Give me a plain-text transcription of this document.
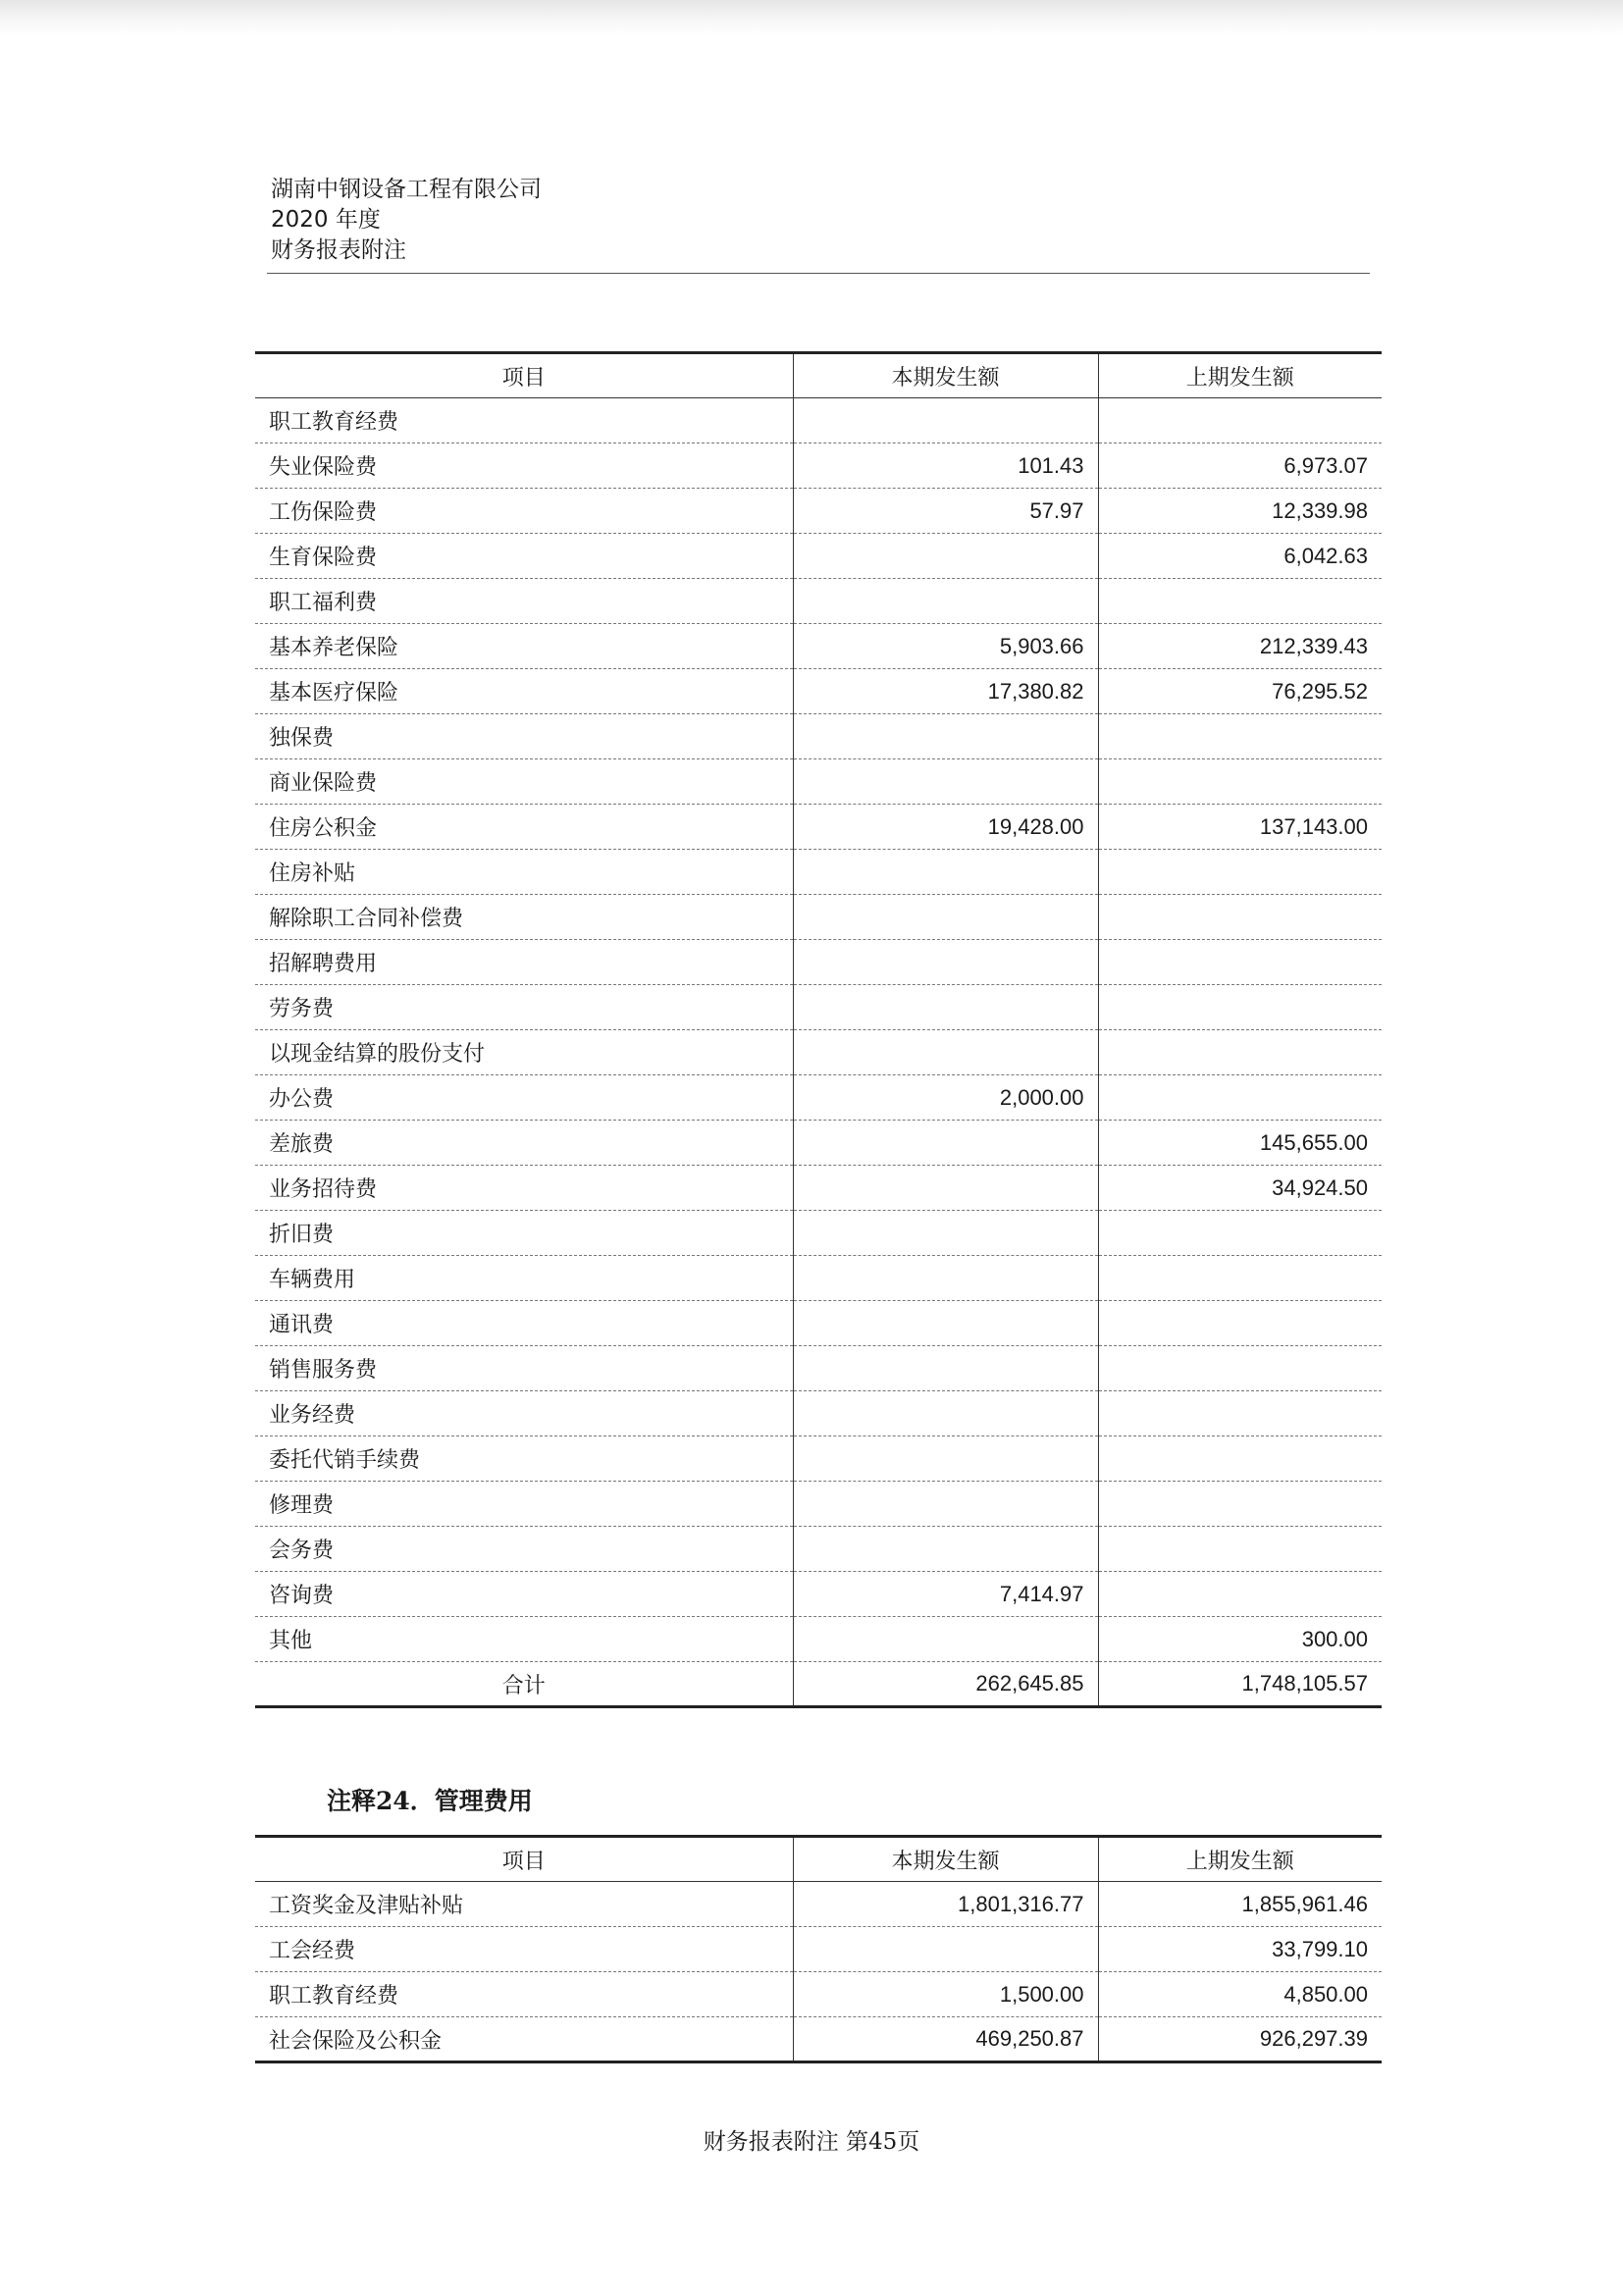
湖南中钢设备工程有限公司
2020 年度
财务报表附注
项目	本期发生额	上期发生额
职工教育经费		
失业保险费	101.43	6,973.07
工伤保险费	57.97	12,339.98
生育保险费		6,042.63
职工福利费		
基本养老保险	5,903.66	212,339.43
基本医疗保险	17,380.82	76,295.52
独保费		
商业保险费		
住房公积金	19,428.00	137,143.00
住房补贴		
解除职工合同补偿费		
招解聘费用		
劳务费		
以现金结算的股份支付		
办公费	2,000.00	
差旅费		145,655.00
业务招待费		34,924.50
折旧费		
车辆费用		
通讯费		
销售服务费		
业务经费		
委托代销手续费		
修理费		
会务费		
咨询费	7,414.97	
其他		300.00
合计	262,645.85	1,748,105.57
注释24．管理费用
项目	本期发生额	上期发生额
工资奖金及津贴补贴	1,801,316.77	1,855,961.46
工会经费		33,799.10
职工教育经费	1,500.00	4,850.00
社会保险及公积金	469,250.87	926,297.39
财务报表附注 第45页
